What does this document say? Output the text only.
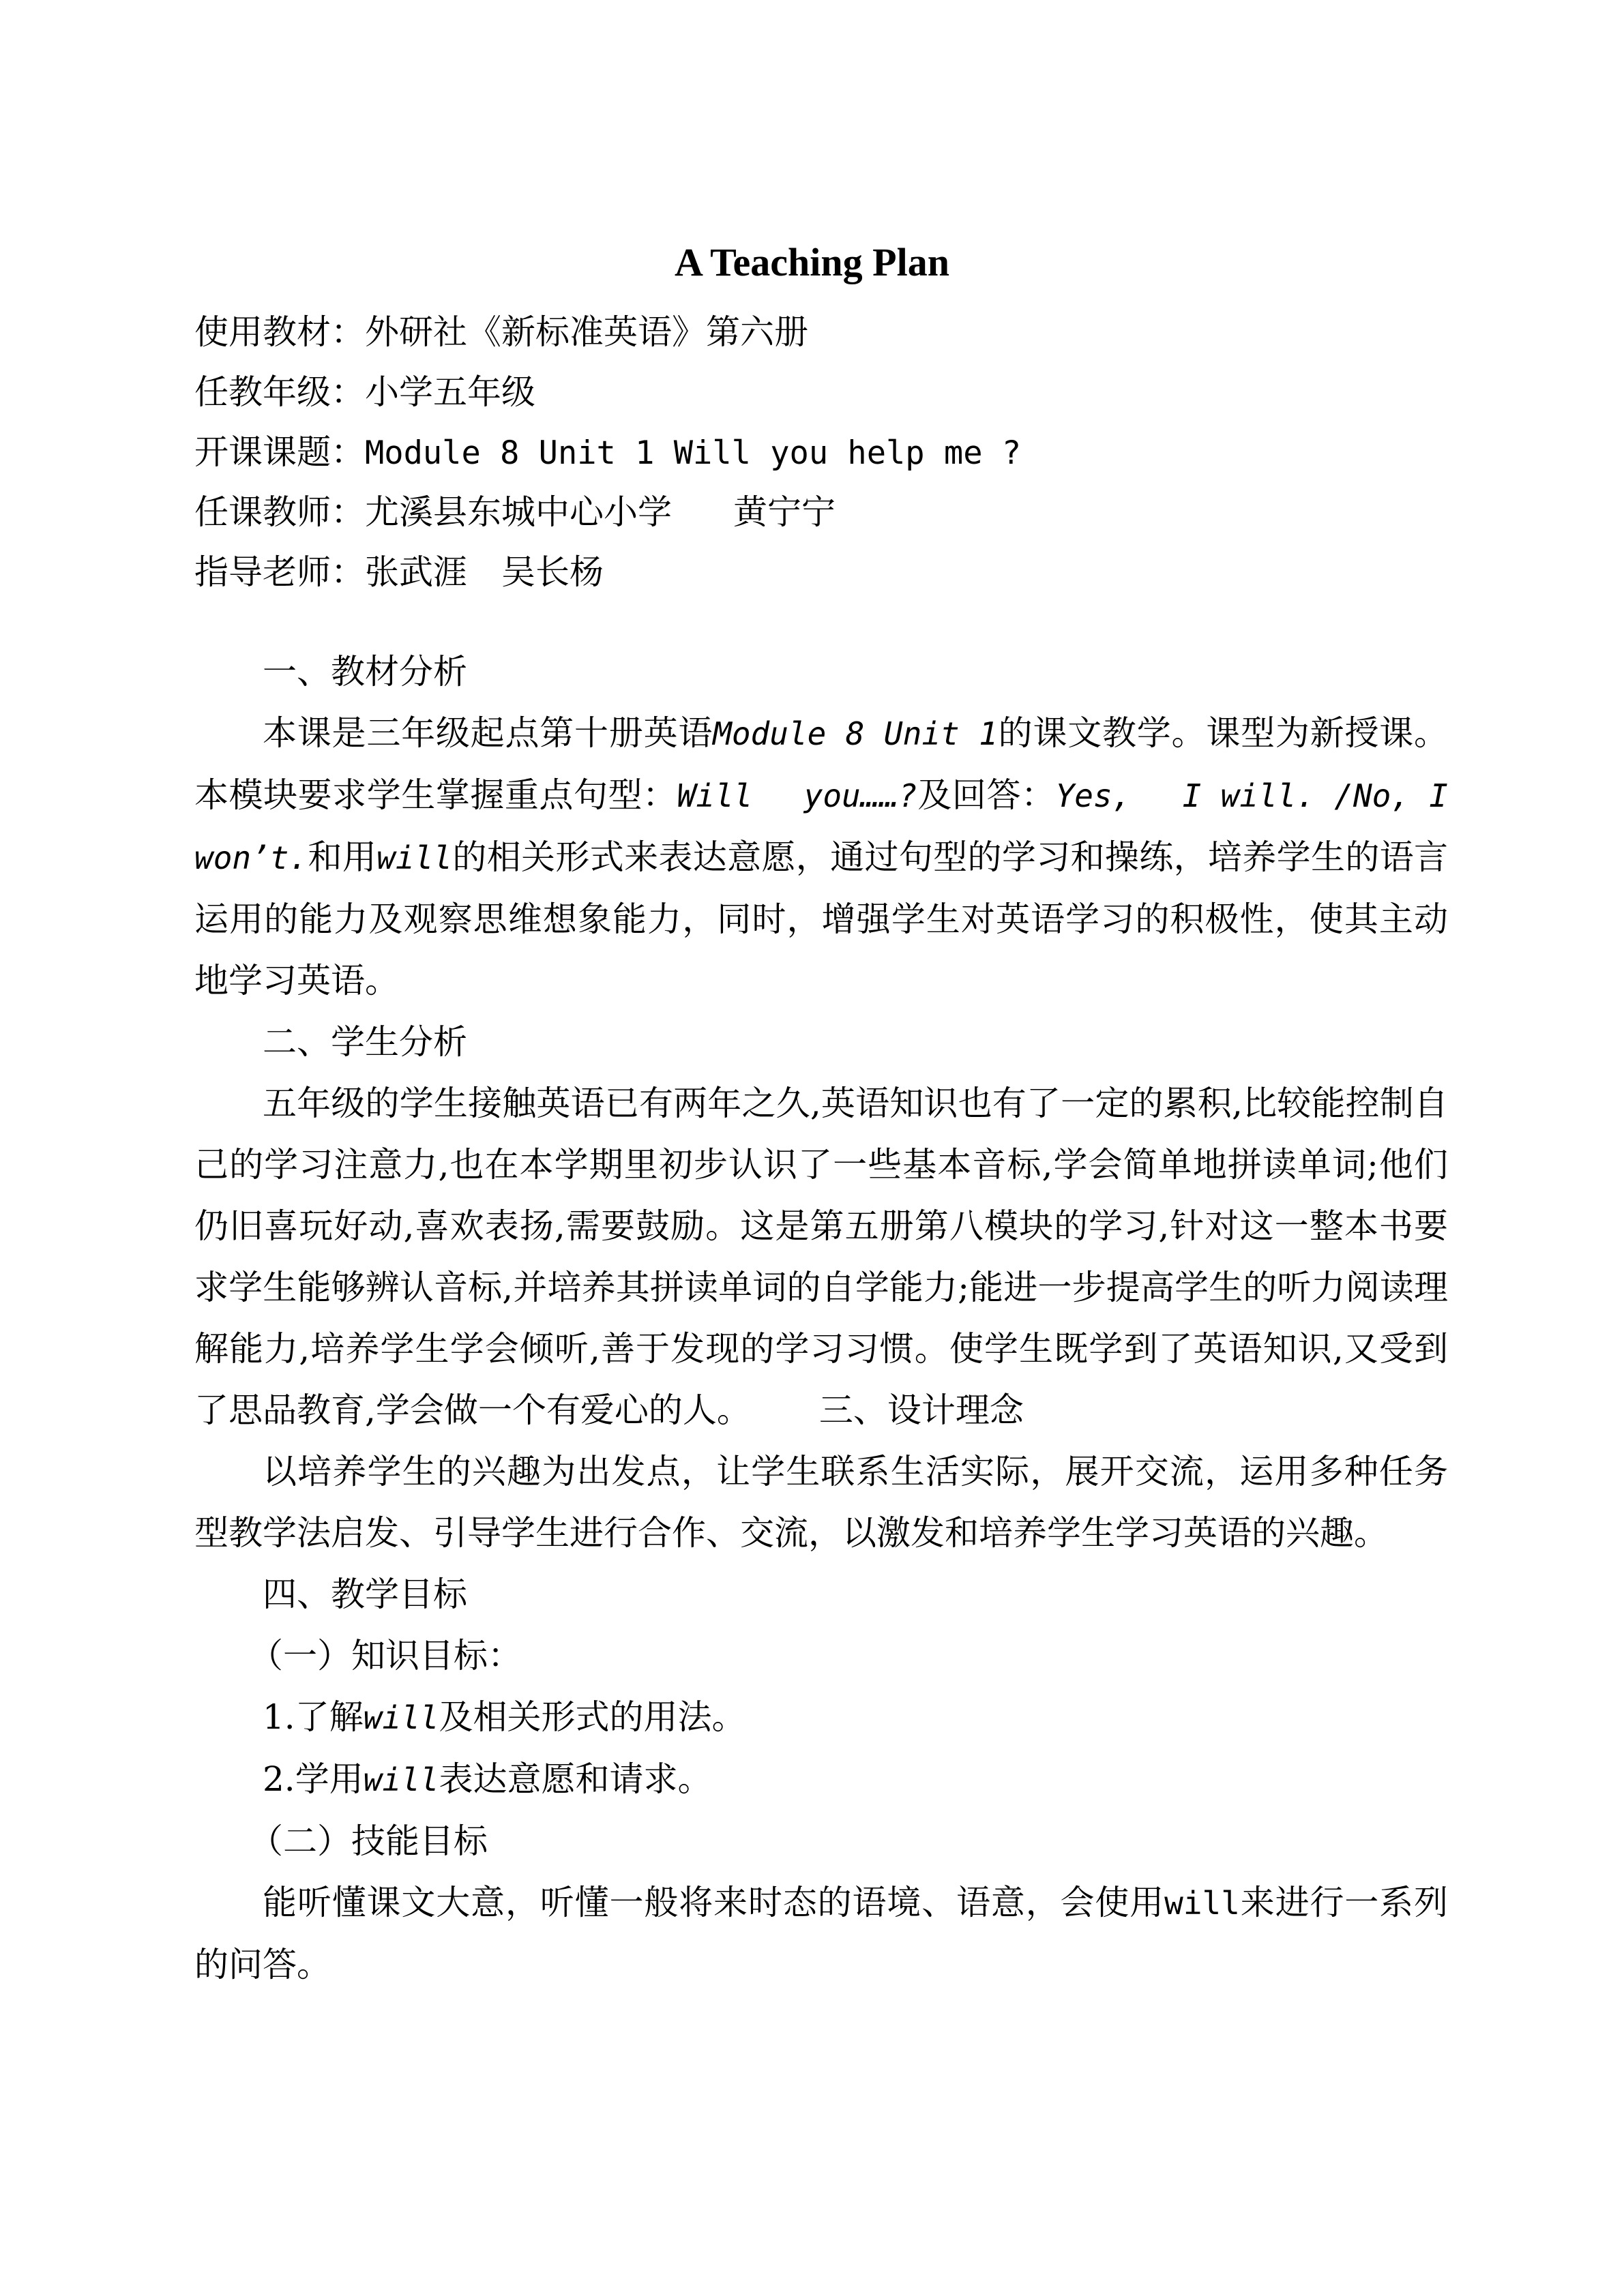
A Teaching Plan
使用教材：外研社《新标准英语》第六册
任教年级：小学五年级
开课课题：Module 8 Unit 1 Will you help me ?
任课教师：尤溪县东城中心小学 黄宁宁
指导老师：张武涯　吴长杨

一、教材分析

本课是三年级起点第十册英语Module 8 Unit 1的课文教学。课型为新授课。本模块要求学生掌握重点句型：Will　 you……?及回答：Yes,　 I will. /No, I won’t.和用will的相关形式来表达意愿，通过句型的学习和操练，培养学生的语言运用的能力及观察思维想象能力，同时，增强学生对英语学习的积极性，使其主动地学习英语。

二、学生分析

五年级的学生接触英语已有两年之久,英语知识也有了一定的累积,比较能控制自己的学习注意力,也在本学期里初步认识了一些基本音标,学会简单地拼读单词;他们仍旧喜玩好动,喜欢表扬,需要鼓励。这是第五册第八模块的学习,针对这一整本书要求学生能够辨认音标,并培养其拼读单词的自学能力;能进一步提高学生的听力阅读理解能力,培养学生学会倾听,善于发现的学习习惯。使学生既学到了英语知识,又受到了思品教育,学会做一个有爱心的人。 三、设计理念

以培养学生的兴趣为出发点，让学生联系生活实际，展开交流，运用多种任务型教学法启发、引导学生进行合作、交流，以激发和培养学生学习英语的兴趣。

四、教学目标

（一）知识目标：

1.了解will及相关形式的用法。

2.学用will表达意愿和请求。

（二）技能目标

能听懂课文大意，听懂一般将来时态的语境、语意，会使用will来进行一系列的问答。
